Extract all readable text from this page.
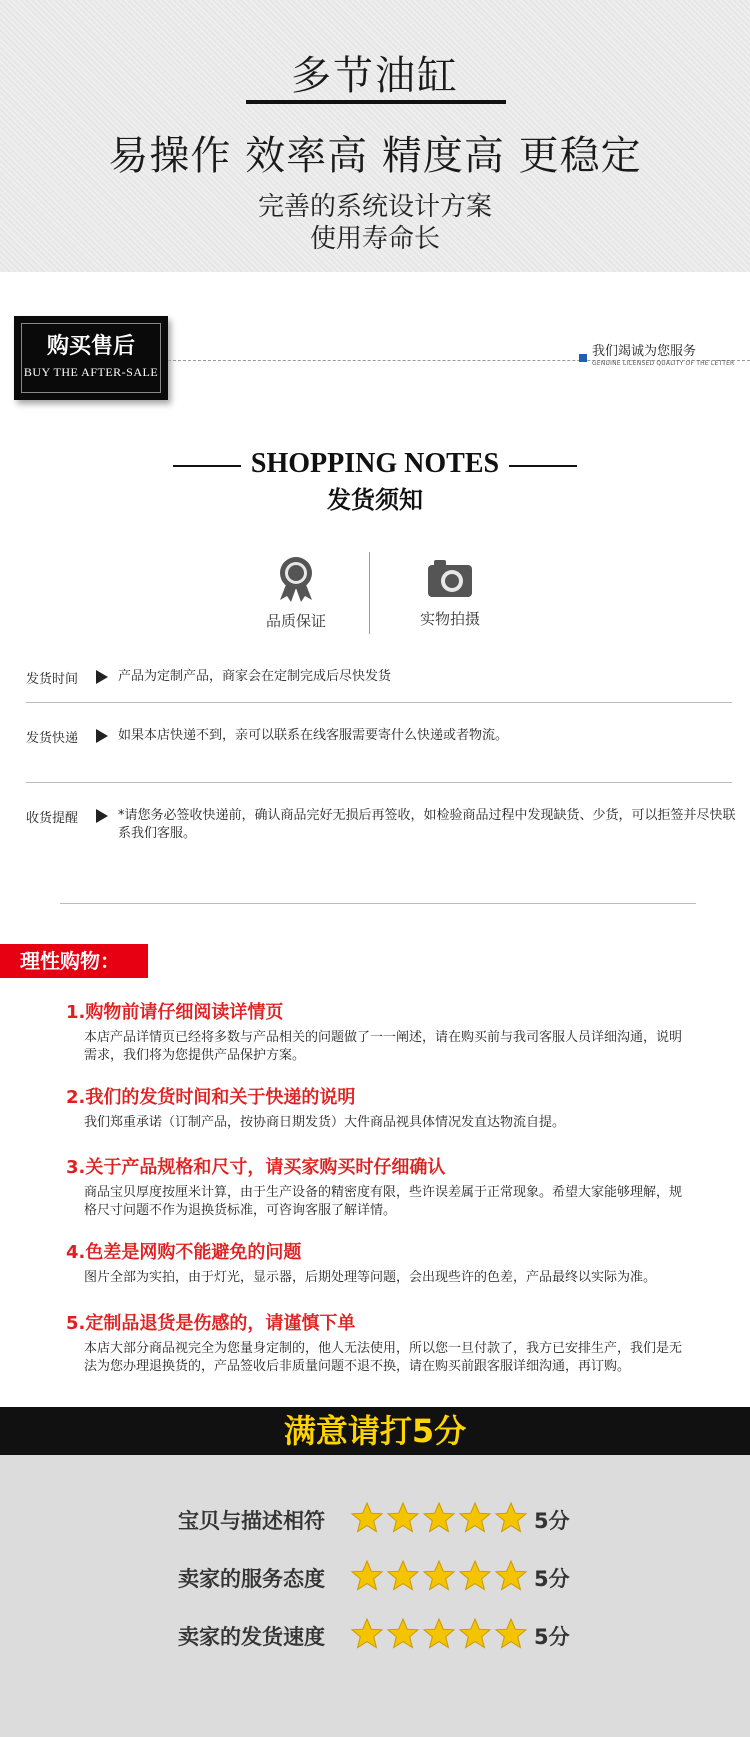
多节油缸
易操作 效率高 精度高 更稳定
完善的系统设计方案
使用寿命长
购买售后
BUY THE AFTER-SALE
我们竭诚为您服务
GENUINE LICENSED QUALITY OF THE LETTER
SHOPPING NOTES
发货须知
品质保证	实物拍摄
发货时间	产品为定制产品，商家会在定制完成后尽快发货
发货快递	如果本店快递不到，亲可以联系在线客服需要寄什么快递或者物流。
收货提醒	*请您务必签收快递前，确认商品完好无损后再签收，如检验商品过程中发现缺货、少货，可以拒签并尽快联系我们客服。
理性购物：
1.购物前请仔细阅读详情页
本店产品详情页已经将多数与产品相关的问题做了一一阐述，请在购买前与我司客服人员详细沟通，说明需求，我们将为您提供产品保护方案。
2.我们的发货时间和关于快递的说明
我们郑重承诺（订制产品，按协商日期发货）大件商品视具体情况发直达物流自提。
3.关于产品规格和尺寸，请买家购买时仔细确认
商品宝贝厚度按厘米计算，由于生产设备的精密度有限，些许误差属于正常现象。希望大家能够理解，规格尺寸问题不作为退换货标准，可咨询客服了解详情。
4.色差是网购不能避免的问题
图片全部为实拍，由于灯光，显示器，后期处理等问题，会出现些许的色差，产品最终以实际为准。
5.定制品退货是伤感的，请谨慎下单
本店大部分商品视完全为您量身定制的，他人无法使用，所以您一旦付款了，我方已安排生产，我们是无法为您办理退换货的，产品签收后非质量问题不退不换，请在购买前跟客服详细沟通，再订购。
满意请打5分
宝贝与描述相符	5分
卖家的服务态度	5分
卖家的发货速度	5分
